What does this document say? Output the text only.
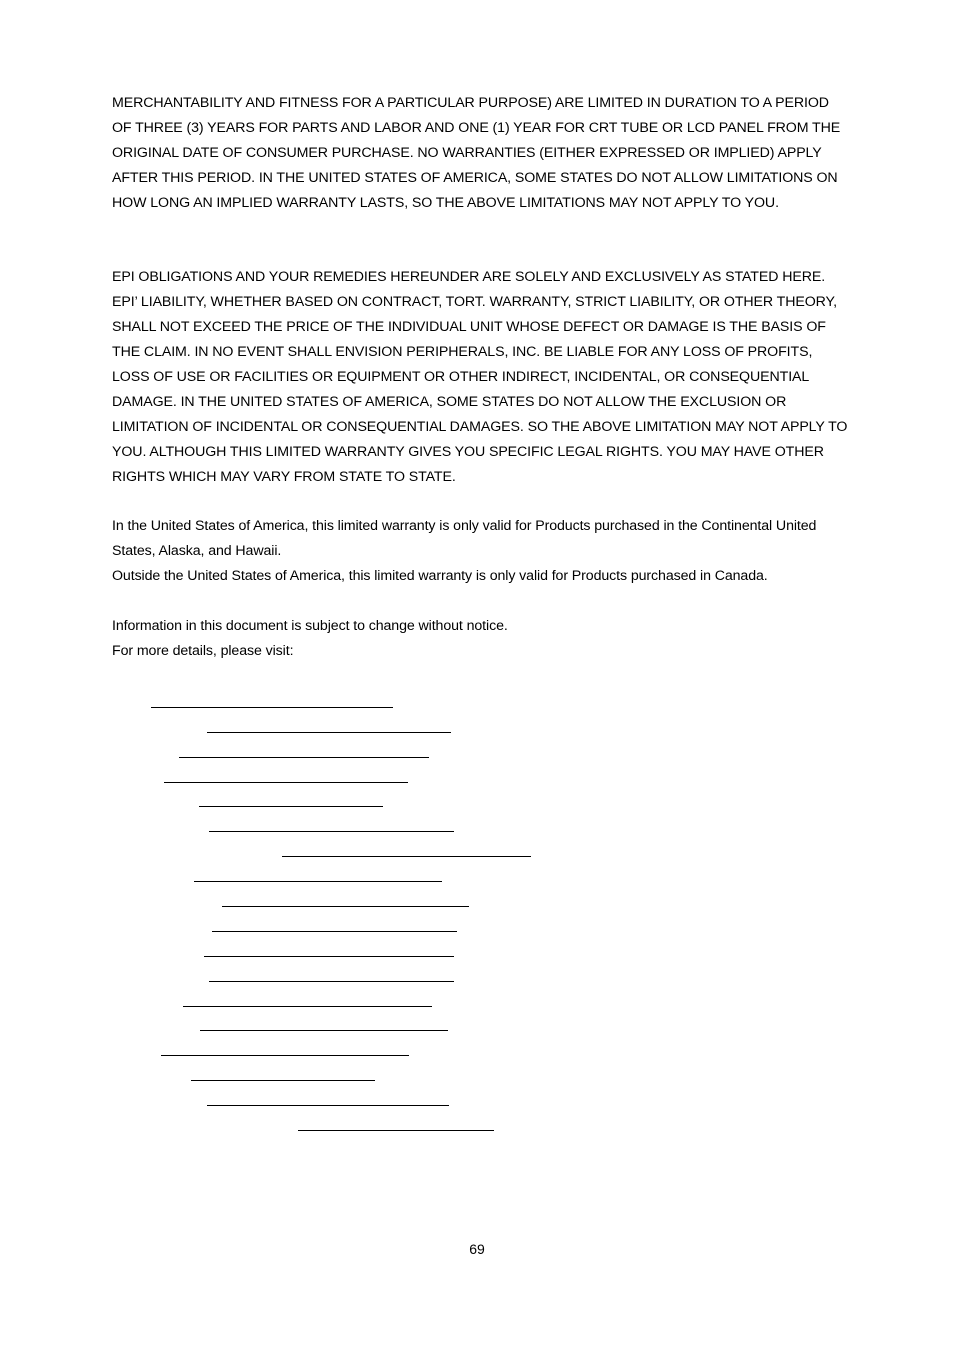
MERCHANTABILITY AND FITNESS FOR A PARTICULAR PURPOSE) ARE LIMITED IN DURATION TO A PERIOD OF THREE (3) YEARS FOR PARTS AND LABOR AND ONE (1) YEAR FOR CRT TUBE OR LCD PANEL FROM THE ORIGINAL DATE OF CONSUMER PURCHASE. NO WARRANTIES (EITHER EXPRESSED OR IMPLIED) APPLY AFTER THIS PERIOD. IN THE UNITED STATES OF AMERICA, SOME STATES DO NOT ALLOW LIMITATIONS ON HOW LONG AN IMPLIED WARRANTY LASTS, SO THE ABOVE LIMITATIONS MAY NOT APPLY TO YOU.

EPI OBLIGATIONS AND YOUR REMEDIES HEREUNDER ARE SOLELY AND EXCLUSIVELY AS STATED HERE. EPI’ LIABILITY, WHETHER BASED ON CONTRACT, TORT. WARRANTY, STRICT LIABILITY, OR OTHER THEORY, SHALL NOT EXCEED THE PRICE OF THE INDIVIDUAL UNIT WHOSE DEFECT OR DAMAGE IS THE BASIS OF THE CLAIM. IN NO EVENT SHALL ENVISION PERIPHERALS, INC. BE LIABLE FOR ANY LOSS OF PROFITS, LOSS OF USE OR FACILITIES OR EQUIPMENT OR OTHER INDIRECT, INCIDENTAL, OR CONSEQUENTIAL DAMAGE. IN THE UNITED STATES OF AMERICA, SOME STATES DO NOT ALLOW THE EXCLUSION OR LIMITATION OF INCIDENTAL OR CONSEQUENTIAL DAMAGES. SO THE ABOVE LIMITATION MAY NOT APPLY TO YOU. ALTHOUGH THIS LIMITED WARRANTY GIVES YOU SPECIFIC LEGAL RIGHTS. YOU MAY HAVE OTHER RIGHTS WHICH MAY VARY FROM STATE TO STATE.

In the United States of America, this limited warranty is only valid for Products purchased in the Continental United States, Alaska, and Hawaii.

Outside the United States of America, this limited warranty is only valid for Products purchased in Canada.

Information in this document is subject to change without notice.

For more details, please visit:

69
